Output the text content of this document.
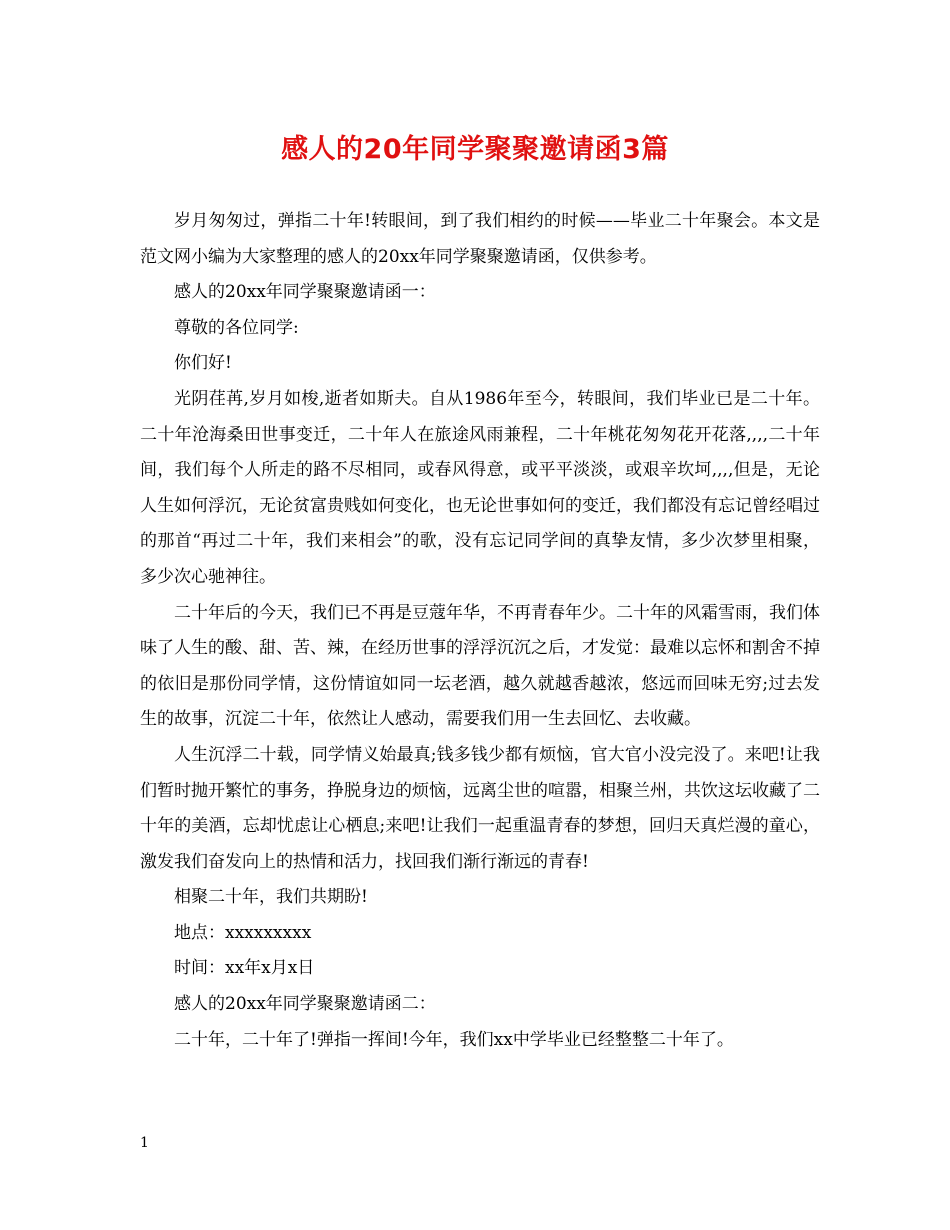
感人的20年同学聚聚邀请函3篇

岁月匆匆过，弹指二十年!转眼间，到了我们相约的时候——毕业二十年聚会。本文是范文网小编为大家整理的感人的20xx年同学聚聚邀请函，仅供参考。

感人的20xx年同学聚聚邀请函一：

尊敬的各位同学:

你们好!

光阴荏苒,岁月如梭,逝者如斯夫。自从1986年至今，转眼间，我们毕业已是二十年。  二十年沧海桑田世事变迁，二十年人在旅途风雨兼程，二十年桃花匆匆花开花落,,,,二十年间，我们每个人所走的路不尽相同，或春风得意，或平平淡淡，或艰辛坎坷,,,,但是，无论人生如何浮沉，无论贫富贵贱如何变化，也无论世事如何的变迁，我们都没有忘记曾经唱过的那首“再过二十年，我们来相会”的歌，没有忘记同学间的真挚友情，多少次梦里相聚，多少次心驰神往。

二十年后的今天，我们已不再是豆蔻年华，不再青春年少。二十年的风霜雪雨，我们体味了人生的酸、甜、苦、辣，在经历世事的浮浮沉沉之后，才发觉：最难以忘怀和割舍不掉的依旧是那份同学情，这份情谊如同一坛老酒，越久就越香越浓，悠远而回味无穷;过去发生的故事，沉淀二十年，依然让人感动，需要我们用一生去回忆、去收藏。

人生沉浮二十载，同学情义始最真;钱多钱少都有烦恼，官大官小没完没了。来吧!让我们暂时抛开繁忙的事务，挣脱身边的烦恼，远离尘世的喧嚣，相聚兰州，共饮这坛收藏了二十年的美酒，忘却忧虑让心栖息;来吧!让我们一起重温青春的梦想，回归天真烂漫的童心，激发我们奋发向上的热情和活力，找回我们渐行渐远的青春!

相聚二十年，我们共期盼!

地点：xxxxxxxxx

时间：xx年x月x日

感人的20xx年同学聚聚邀请函二：

二十年，二十年了!弹指一挥间!今年，我们xx中学毕业已经整整二十年了。

1
